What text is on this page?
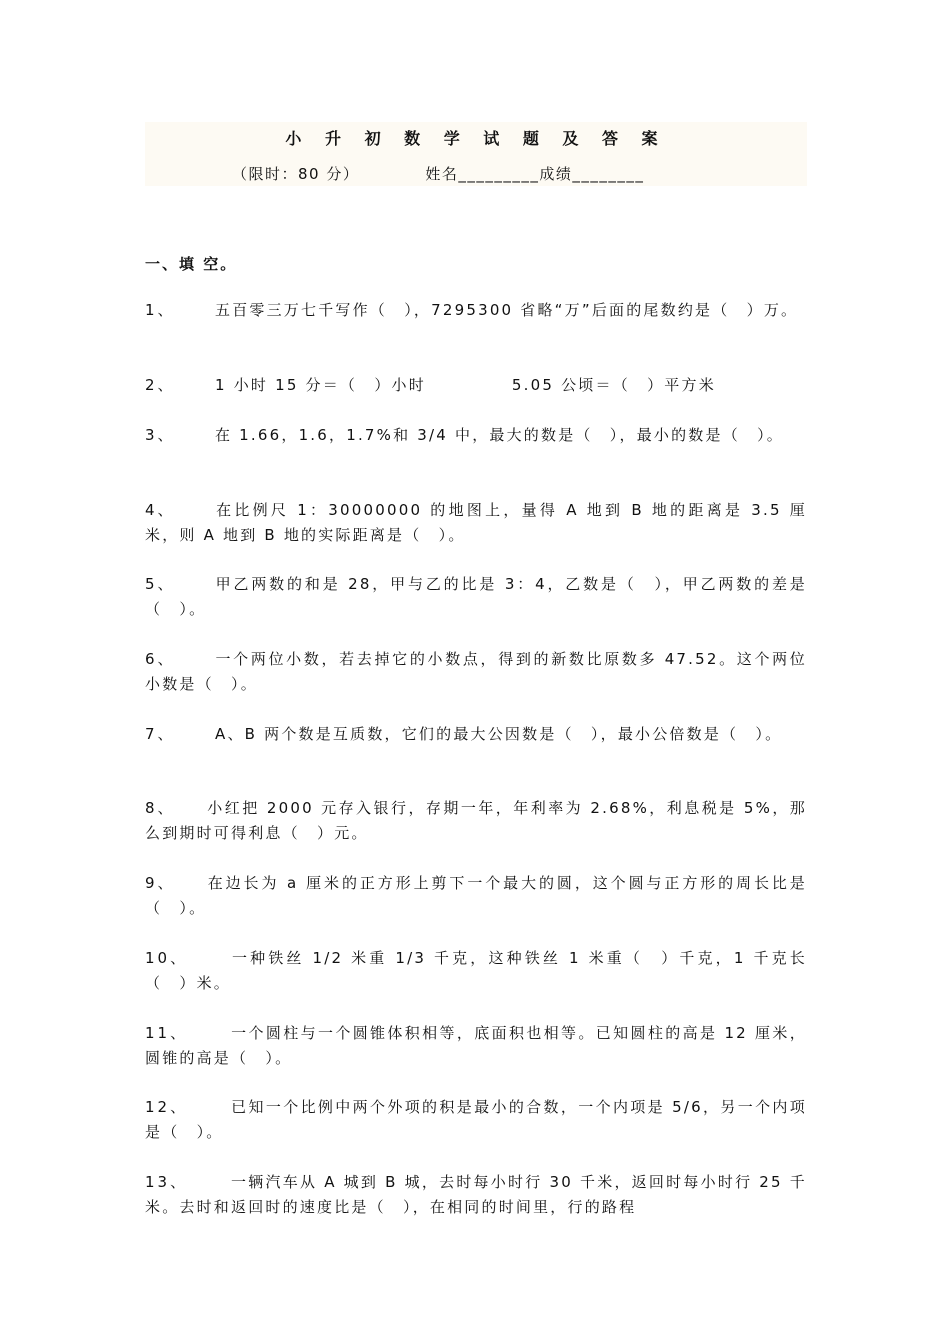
小 升 初 数 学 试 题 及 答 案
（限时：80 分）　　　　	姓名_________成绩________
一、填 空。
1、	五百零三万七千写作（　），7295300 省略“万”后面的尾数约是（　）万。
2、	1 小时 15 分＝（　）小时　　　　　5.05 公顷＝（　）平方米
3、	在 1.66，1.6，1.7%和 3/4 中，最大的数是（　），最小的数是（　）。
4、	在比例尺 1：30000000 的地图上，量得 A 地到 B 地的距离是 3.5 厘米，则 A 地到 B 地的实际距离是（　）。
5、	甲乙两数的和是 28，甲与乙的比是 3：4，乙数是（　），甲乙两数的差是（　）。
6、	一个两位小数，若去掉它的小数点，得到的新数比原数多 47.52。这个两位小数是（　）。
7、	A、B 两个数是互质数，它们的最大公因数是（　），最小公倍数是（　）。
8、 小红把 2000 元存入银行，存期一年，年利率为 2.68%，利息税是 5%，那么到期时可得利息（　）元。
9、 在边长为 a 厘米的正方形上剪下一个最大的圆，这个圆与正方形的周长比是（　）。
10、	一种铁丝 1/2 米重 1/3 千克，这种铁丝 1 米重（　）千克，1 千克长（　）米。
11、	一个圆柱与一个圆锥体积相等，底面积也相等。已知圆柱的高是 12 厘米，圆锥的高是（　）。
12、	已知一个比例中两个外项的积是最小的合数，一个内项是 5/6，另一个内项是（　）。
13、	一辆汽车从 A 城到 B 城，去时每小时行 30 千米，返回时每小时行 25 千米。去时和返回时的速度比是（　），在相同的时间里，行的路程
